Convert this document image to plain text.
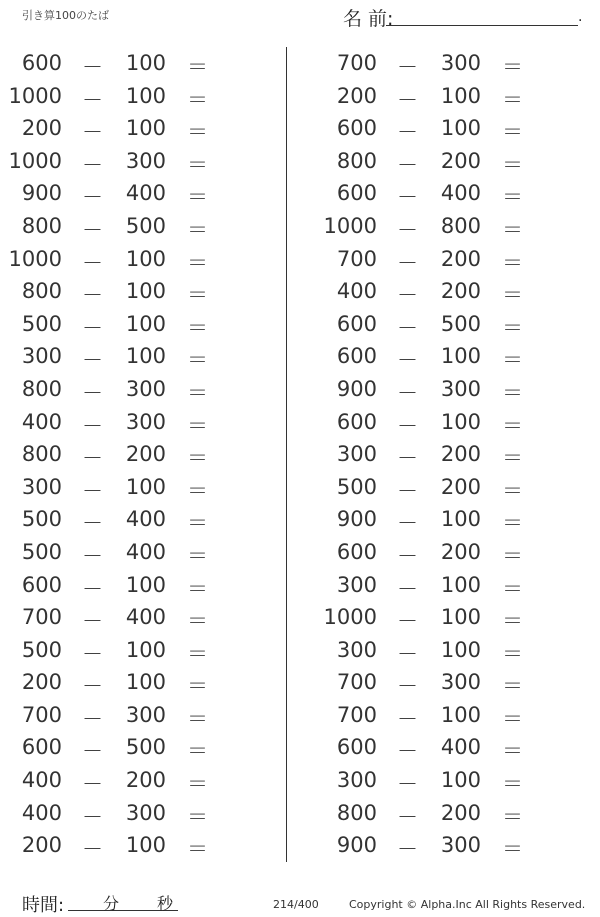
引き算100のたば	名 前:	.
600 －	100 ＝
1000 －	100 ＝
200 －	100 ＝
1000 －	300 ＝
900 －	400 ＝
800 －	500 ＝
1000 －	100 ＝
800 －	100 ＝
500 －	100 ＝
300 －	100 ＝
800 －	300 ＝
400 －	300 ＝
800 －	200 ＝
300 －	100 ＝
500 －	400 ＝
500 －	400 ＝
600 －	100 ＝
700 －	400 ＝
500 －	100 ＝
200 －	100 ＝
700 －	300 ＝
600 －	500 ＝
400 －	200 ＝
400 －	300 ＝
200 －	100 ＝
700 －	300 ＝
200 －	100 ＝
600 －	100 ＝
800 －	200 ＝
600 －	400 ＝
1000 －	800 ＝
700 －	200 ＝
400 －	200 ＝
600 －	500 ＝
600 －	100 ＝
900 －	300 ＝
600 －	100 ＝
300 －	200 ＝
500 －	200 ＝
900 －	100 ＝
600 －	200 ＝
300 －	100 ＝
1000 －	100 ＝
300 －	100 ＝
700 －	300 ＝
700 －	100 ＝
600 －	400 ＝
300 －	100 ＝
800 －	200 ＝
900 －	300 ＝
時間: 分 秒	214/400	Copyright © Alpha.Inc All Rights Reserved.
